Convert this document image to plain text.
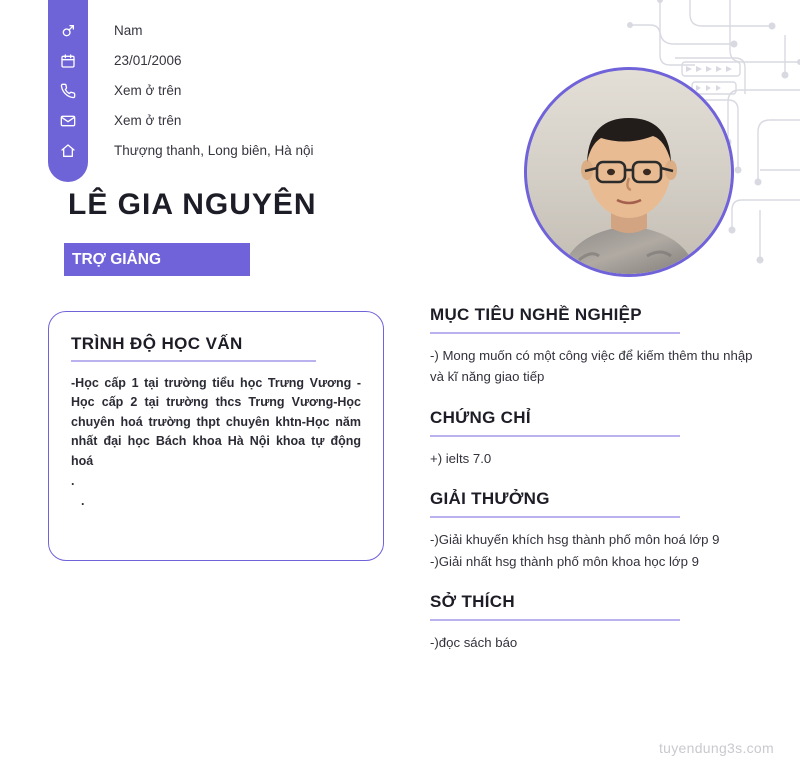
Nam
23/01/2006
Xem ở trên
Xem ở trên
Thượng thanh, Long biên, Hà nội
LÊ GIA NGUYÊN
TRỢ GIẢNG
TRÌNH ĐỘ HỌC VẤN
-Học cấp 1 tại trường tiểu học Trưng Vương -Học cấp 2 tại trường thcs Trưng Vương-Học chuyên hoá trường thpt chuyên khtn-Học năm nhất đại học Bách khoa Hà Nội khoa tự động hoá
.
.
MỤC TIÊU NGHỀ NGHIỆP
-) Mong muốn có một công việc để kiếm thêm thu nhập và kĩ năng giao tiếp
CHỨNG CHỈ
+) ielts 7.0
GIẢI THƯỞNG
-)Giải khuyến khích hsg thành phố môn hoá lớp 9
-)Giải nhất hsg thành phố môn khoa học lớp 9
SỞ THÍCH
-)đọc sách báo
tuyendung3s.com
